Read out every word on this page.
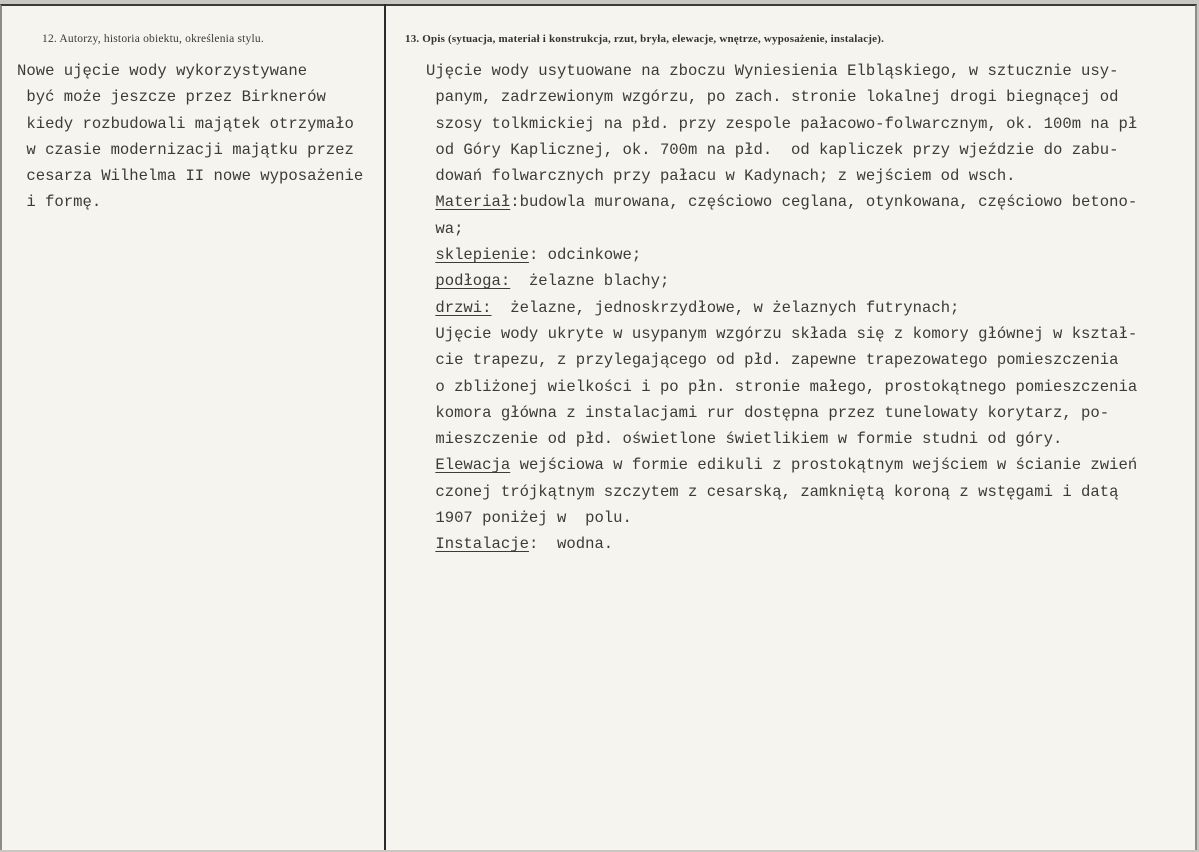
12. Autorzy, historia obiektu, określenia stylu.	13. Opis (sytuacja, materiał i konstrukcja, rzut, bryła, elewacje, wnętrze, wyposażenie, instalacje).
Nowe ujęcie wody wykorzystywane
być może jeszcze przez Birknerów
kiedy rozbudowali majątek otrzymało
w czasie modernizacji majątku przez
cesarza Wilhelma II nowe wyposażenie
i formę.
Ujęcie wody usytuowane na zboczu Wyniesienia Elbląskiego, w sztucznie usy-
panym, zadrzewionym wzgórzu, po zach. stronie lokalnej drogi biegnącej od
szosy tolkmickiej na płd. przy zespole pałacowo-folwarcznym, ok. 100m na pł
od Góry Kaplicznej, ok. 700m na płd.  od kapliczek przy wjeździe do zabu-
dowań folwarcznych przy pałacu w Kadynach; z wejściem od wsch.
Materiał:budowla murowana, częściowo ceglana, otynkowana, częściowo betono-
wa;
sklepienie: odcinkowe;
podłoga:  żelazne blachy;
drzwi:  żelazne, jednoskrzydłowe, w żelaznych futrynach;
Ujęcie wody ukryte w usypanym wzgórzu składa się z komory głównej w kształ-
cie trapezu, z przylegającego od płd. zapewne trapezowatego pomieszczenia
o zbliżonej wielkości i po płn. stronie małego, prostokątnego pomieszczenia
komora główna z instalacjami rur dostępna przez tunelowaty korytarz, po-
mieszczenie od płd. oświetlone świetlikiem w formie studni od góry.
Elewacja wejściowa w formie edikuli z prostokątnym wejściem w ścianie zwień
czonej trójkątnym szczytem z cesarską, zamkniętą koroną z wstęgami i datą
1907 poniżej w  polu.
Instalacje:  wodna.
